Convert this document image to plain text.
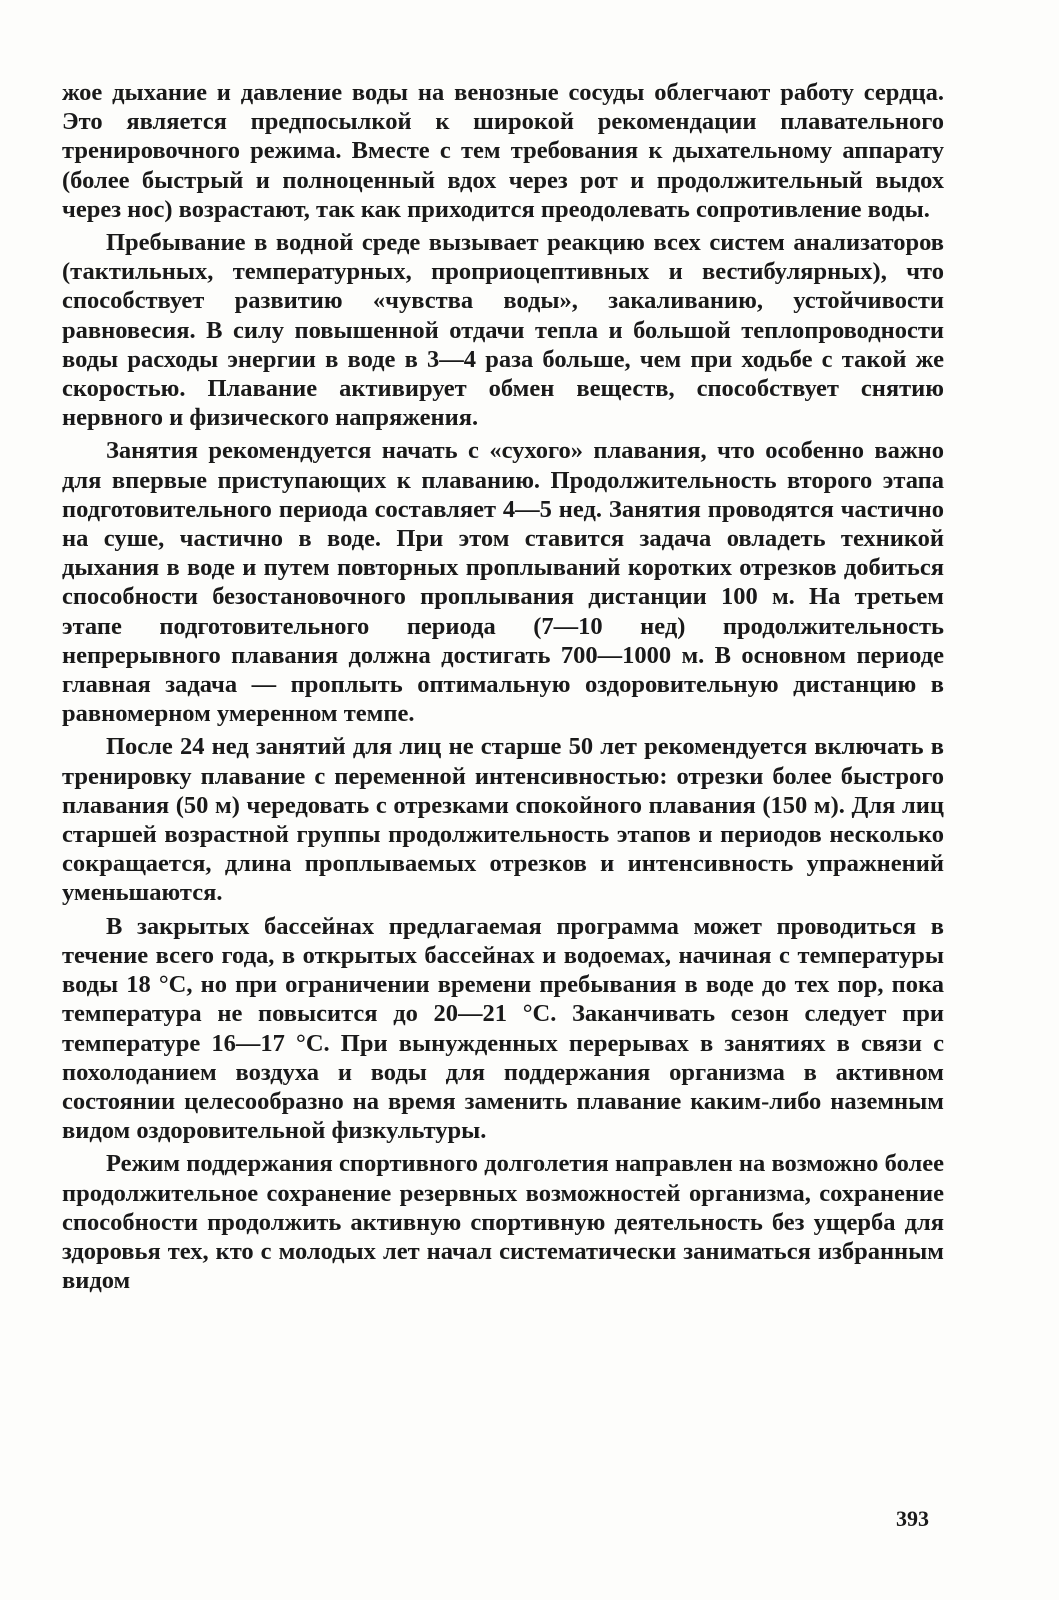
жое дыхание и давление воды на венозные сосуды облегчают работу сердца. Это является предпосылкой к широкой рекомендации плавательного тренировочного режима. Вместе с тем требования к дыхательному аппарату (более быстрый и полноценный вдох через рот и продолжительный выдох через нос) возрастают, так как приходится преодолевать сопротивление воды.

Пребывание в водной среде вызывает реакцию всех систем анализаторов (тактильных, температурных, проприоцептивных и вестибулярных), что способствует развитию «чувства воды», закаливанию, устойчивости равновесия. В силу повышенной отдачи тепла и большой теплопроводности воды расходы энергии в воде в 3—4 раза больше, чем при ходьбе с такой же скоростью. Плавание активирует обмен веществ, способствует снятию нервного и физического напряжения.

Занятия рекомендуется начать с «сухого» плавания, что особенно важно для впервые приступающих к плаванию. Продолжительность второго этапа подготовительного периода составляет 4—5 нед. Занятия проводятся частично на суше, частично в воде. При этом ставится задача овладеть техникой дыхания в воде и путем повторных проплываний коротких отрезков добиться способности безостановочного проплывания дистанции 100 м. На третьем этапе подготовительного периода (7—10 нед) продолжительность непрерывного плавания должна достигать 700—1000 м. В основном периоде главная задача — проплыть оптимальную оздоровительную дистанцию в равномерном умеренном темпе.

После 24 нед занятий для лиц не старше 50 лет рекомендуется включать в тренировку плавание с переменной интенсивностью: отрезки более быстрого плавания (50 м) чередовать с отрезками спокойного плавания (150 м). Для лиц старшей возрастной группы продолжительность этапов и периодов несколько сокращается, длина проплываемых отрезков и интенсивность упражнений уменьшаются.

В закрытых бассейнах предлагаемая программа может проводиться в течение всего года, в открытых бассейнах и водоемах, начиная с температуры воды 18 °С, но при ограничении времени пребывания в воде до тех пор, пока температура не повысится до 20—21 °С. Заканчивать сезон следует при температуре 16—17 °С. При вынужденных перерывах в занятиях в связи с похолоданием воздуха и воды для поддержания организма в активном состоянии целесообразно на время заменить плавание каким-либо наземным видом оздоровительной физкультуры.

Режим поддержания спортивного долголетия направлен на возможно более продолжительное сохранение резервных возможностей организма, сохранение способности продолжить активную спортивную деятельность без ущерба для здоровья тех, кто с молодых лет начал систематически заниматься избранным видом

393
